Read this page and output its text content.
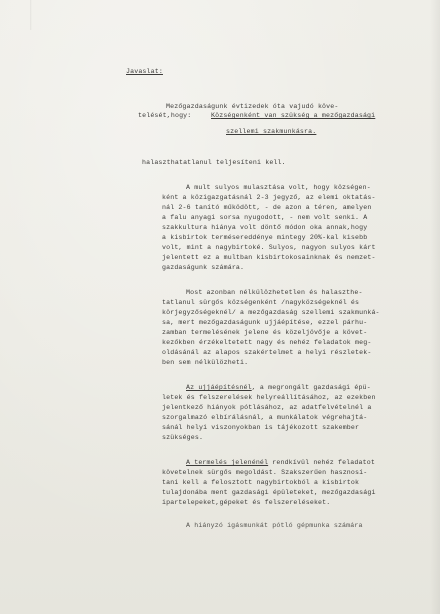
Javaslat:
Mezőgazdaságunk évtizedek óta vajudó köve-
telését,hogy:	Községenként van szükség a mezőgazdasági
szellemi szakmunkásra.
halaszthatatlanul teljesíteni kell.
A mult sulyos mulasztása volt, hogy községen-
ként a közigazgatásnál 2-3 jegyző, az elemi oktatás-
nál 2-6 tanító működött, - de azon a téren, amelyen
a falu anyagi sorsa nyugodott, - nem volt senki. A
szakkultura hiánya volt döntő módon oka annak,hogy
a kisbirtok termésereddénye mintegy 20%-kal kisebb
volt, mint a nagybirtoké. Sulyos, nagyon sulyos kárt
jelentett ez a multban kisbirtokosainknak és nemzet-
gazdaságunk számára.
Most azonban nélkülözhetetlen és halaszthe-
tatlanul sürgős községenként /nagyközségeknél és
körjegyzőségeknél/ a mezőgazdaság szellemi szakmunká-
sa, mert mezőgazdaságunk ujjáépítése, ezzel párhu-
zamban termelésének jelene és közeljövője a követ-
kezőkben érzékeltetett nagy és nehéz feladatok meg-
oldásánál az alapos szakértelmet a helyi részletek-
ben sem nélkülözheti.
Az ujjáépítésnél, a megrongált gazdasági épü-
letek és felszerelések helyreállításához, az ezekben
jelentkező hiányok pótlásához, az adatfelvételnél a
szorgalmazó elbírálásnál, a munkálatok végrehajtá-
sánál helyi viszonyokban is tájékozott szakember
szükséges.
A termelés jelenénél rendkívül nehéz feladatot
követelnek sürgős megoldást. Szakszerűen hasznosí-
tani kell a felosztott nagybirtokból a kisbirtok
tulajdonába ment gazdasági épületeket, mezőgazdasági
ipartelepeket,gépeket és felszereléseket.
A hiányzó igásmunkát pótló gépmunka számára
